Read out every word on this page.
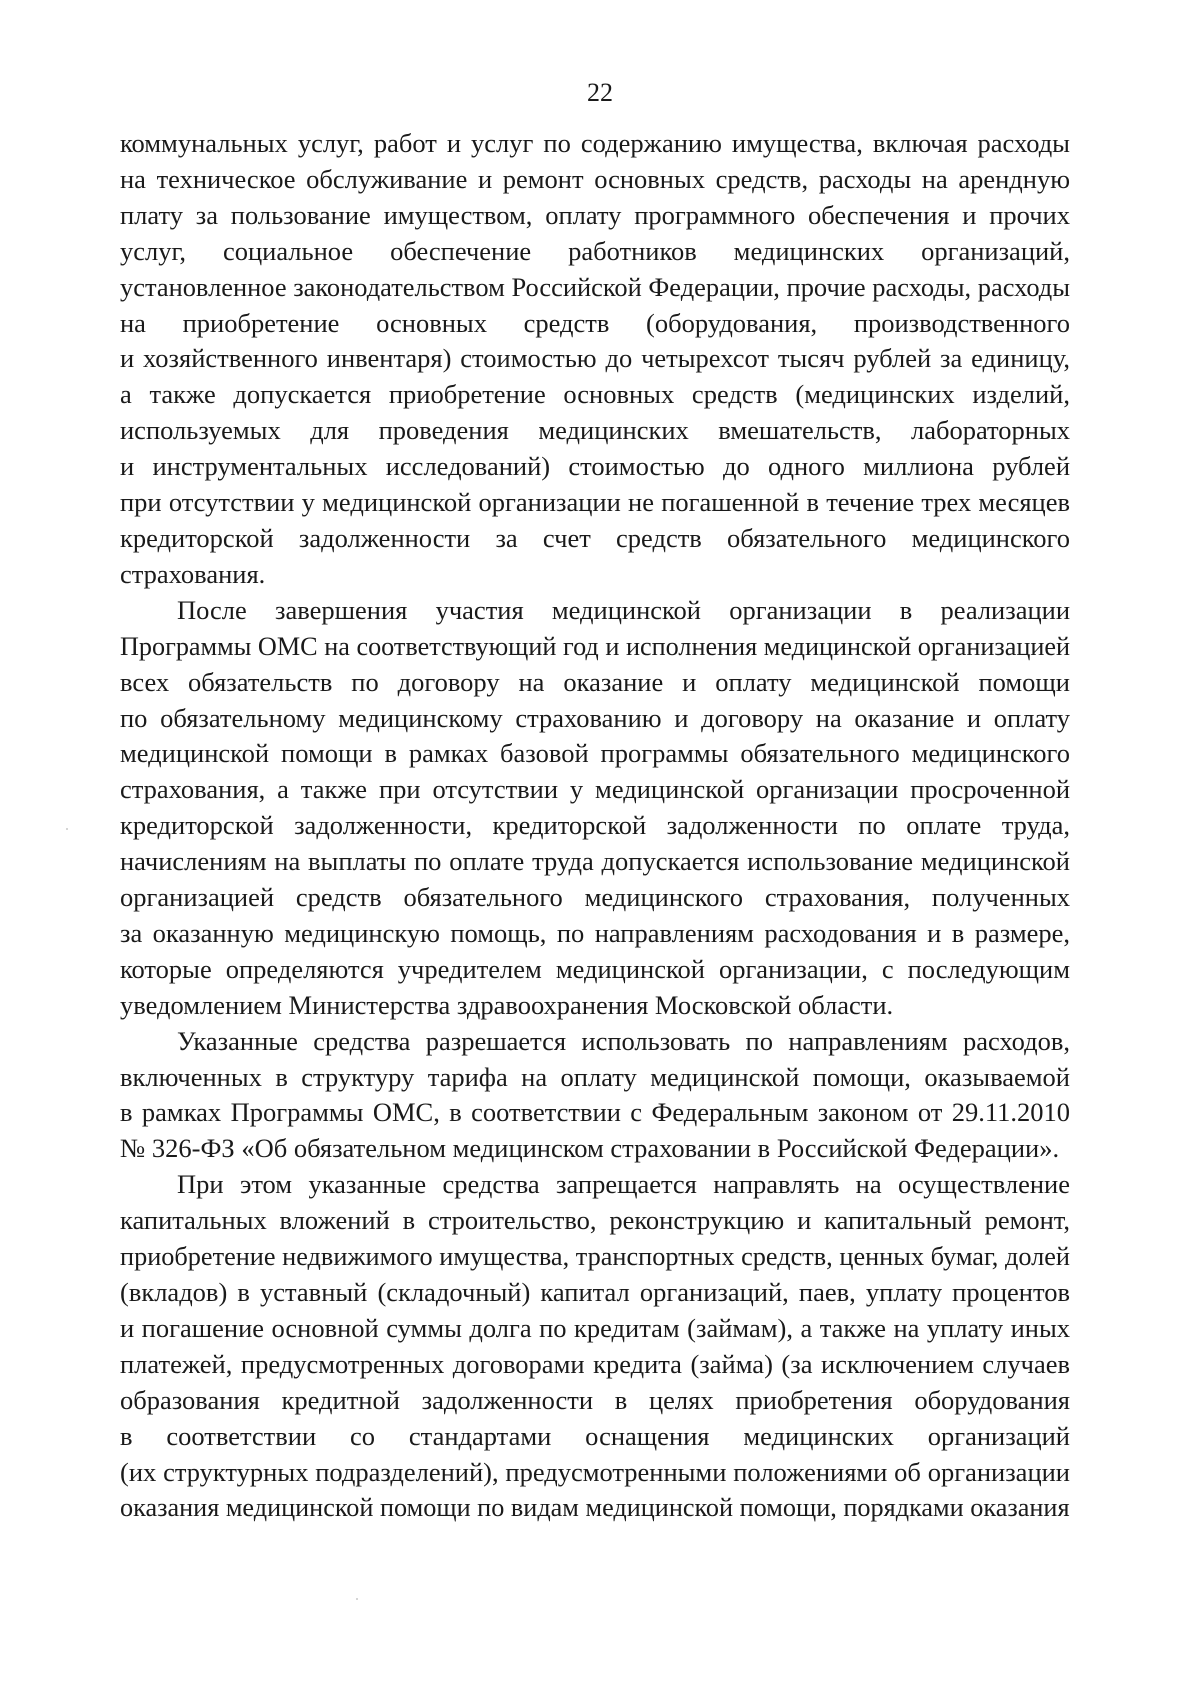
22
коммунальных услуг, работ и услуг по содержанию имущества, включая расходы
на техническое обслуживание и ремонт основных средств, расходы на арендную
плату за пользование имуществом, оплату программного обеспечения и прочих
услуг, социальное обеспечение работников медицинских организаций,
установленное законодательством Российской Федерации, прочие расходы, расходы
на приобретение основных средств (оборудования, производственного
и хозяйственного инвентаря) стоимостью до четырехсот тысяч рублей за единицу,
а также допускается приобретение основных средств (медицинских изделий,
используемых для проведения медицинских вмешательств, лабораторных
и инструментальных исследований) стоимостью до одного миллиона рублей
при отсутствии у медицинской организации не погашенной в течение трех месяцев
кредиторской задолженности за счет средств обязательного медицинского
страхования.
После завершения участия медицинской организации в реализации
Программы ОМС на соответствующий год и исполнения медицинской организацией
всех обязательств по договору на оказание и оплату медицинской помощи
по обязательному медицинскому страхованию и договору на оказание и оплату
медицинской помощи в рамках базовой программы обязательного медицинского
страхования, а также при отсутствии у медицинской организации просроченной
кредиторской задолженности, кредиторской задолженности по оплате труда,
начислениям на выплаты по оплате труда допускается использование медицинской
организацией средств обязательного медицинского страхования, полученных
за оказанную медицинскую помощь, по направлениям расходования и в размере,
которые определяются учредителем медицинской организации, с последующим
уведомлением Министерства здравоохранения Московской области.
Указанные средства разрешается использовать по направлениям расходов,
включенных в структуру тарифа на оплату медицинской помощи, оказываемой
в рамках Программы ОМС, в соответствии с Федеральным законом от 29.11.2010
№ 326-ФЗ «Об обязательном медицинском страховании в Российской Федерации».
При этом указанные средства запрещается направлять на осуществление
капитальных вложений в строительство, реконструкцию и капитальный ремонт,
приобретение недвижимого имущества, транспортных средств, ценных бумаг, долей
(вкладов) в уставный (складочный) капитал организаций, паев, уплату процентов
и погашение основной суммы долга по кредитам (займам), а также на уплату иных
платежей, предусмотренных договорами кредита (займа) (за исключением случаев
образования кредитной задолженности в целях приобретения оборудования
в соответствии со стандартами оснащения медицинских организаций
(их структурных подразделений), предусмотренными положениями об организации
оказания медицинской помощи по видам медицинской помощи, порядками оказания
